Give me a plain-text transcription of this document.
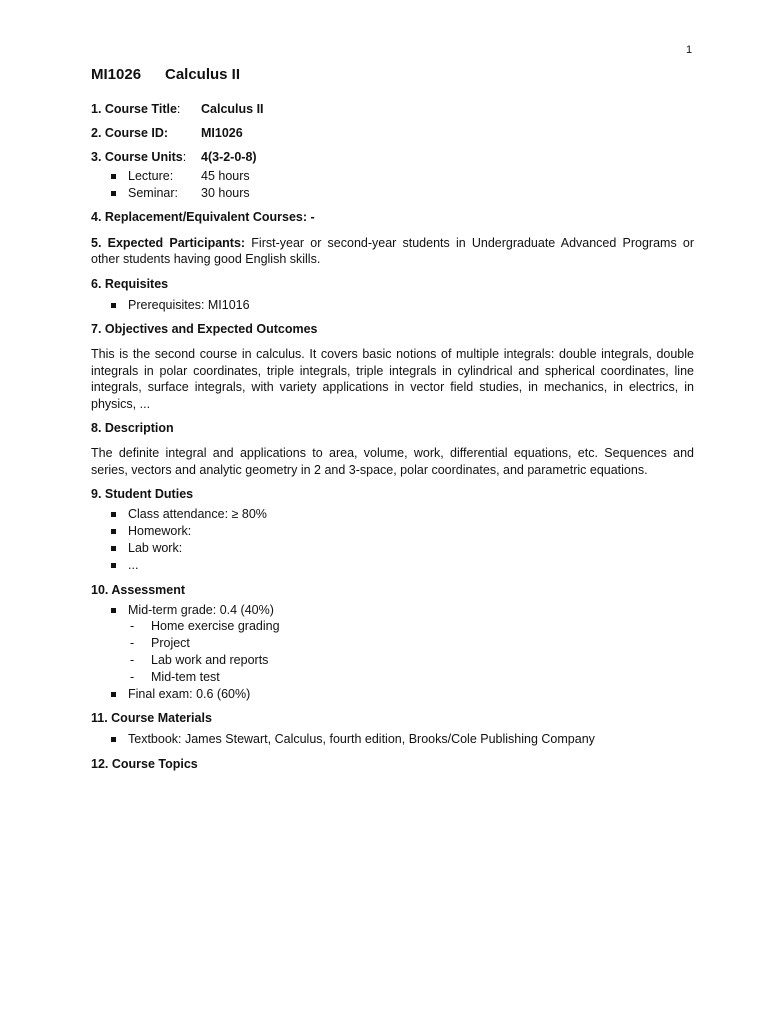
1
MI1026	Calculus II
1. Course Title:	Calculus II
2. Course ID:	MI1026
3. Course Units:	4(3-2-0-8)
Lecture:	45 hours
Seminar:	30 hours
4. Replacement/Equivalent Courses: -
5. Expected Participants: First-year or second-year students in Undergraduate Advanced Programs or other students having good English skills.
6. Requisites
Prerequisites: MI1016
7. Objectives and Expected Outcomes
This is the second course in calculus. It covers basic notions of multiple integrals: double integrals, double integrals in polar coordinates, triple integrals, triple integrals in cylindrical and spherical coordinates, line integrals, surface integrals, with variety applications in vector field studies, in mechanics, in electrics, in physics, ...
8. Description
The definite integral and applications to area, volume, work, differential equations, etc. Sequences and series, vectors and analytic geometry in 2 and 3-space, polar coordinates, and parametric equations.
9. Student Duties
Class attendance: ≥ 80%
Homework:
Lab work:
...
10. Assessment
Mid-term grade: 0.4 (40%)
- Home exercise grading
- Project
- Lab work and reports
- Mid-tem test
Final exam: 0.6 (60%)
11. Course Materials
Textbook: James Stewart, Calculus, fourth edition, Brooks/Cole Publishing Company
12. Course Topics
